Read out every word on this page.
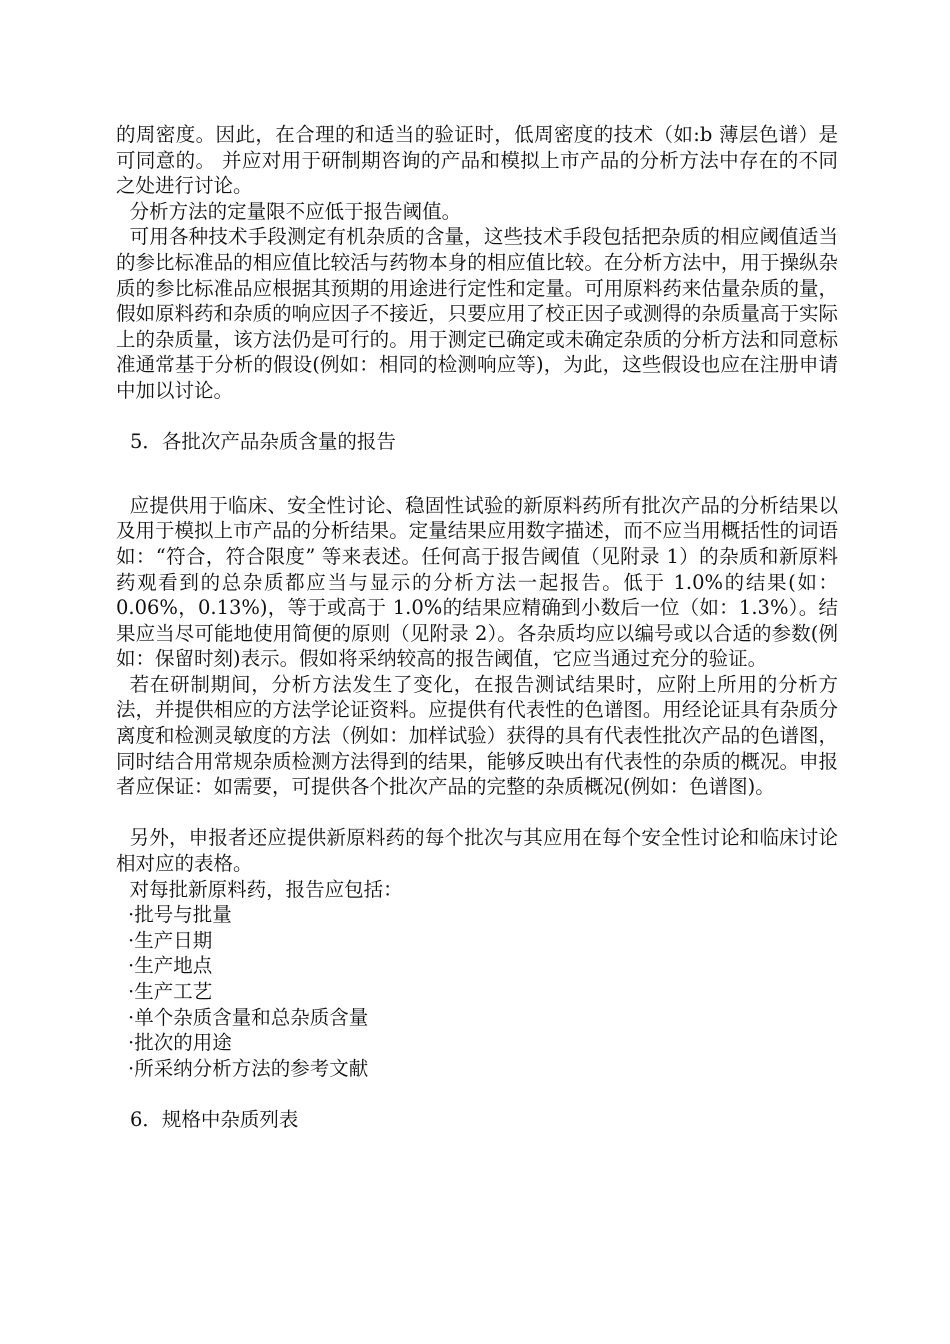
的周密度。因此，在合理的和适当的验证时，低周密度的技术（如:b 薄层色谱）是可同意的。 并应对用于研制期咨询的产品和模拟上市产品的分析方法中存在的不同之处进行讨论。

分析方法的定量限不应低于报告阈值。

可用各种技术手段测定有机杂质的含量，这些技术手段包括把杂质的相应阈值适当的参比标准品的相应值比较活与药物本身的相应值比较。在分析方法中，用于操纵杂质的参比标准品应根据其预期的用途进行定性和定量。可用原料药来估量杂质的量，假如原料药和杂质的响应因子不接近，只要应用了校正因子或测得的杂质量高于实际上的杂质量，该方法仍是可行的。用于测定已确定或未确定杂质的分析方法和同意标准通常基于分析的假设(例如：相同的检测响应等)，为此，这些假设也应在注册申请中加以讨论。

5．各批次产品杂质含量的报告

应提供用于临床、安全性讨论、稳固性试验的新原料药所有批次产品的分析结果以及用于模拟上市产品的分析结果。定量结果应用数字描述，而不应当用概括性的词语如：“符合，符合限度” 等来表述。任何高于报告阈值（见附录 1）的杂质和新原料药观看到的总杂质都应当与显示的分析方法一起报告。低于 1.0%的结果(如：0.06%，0.13%)，等于或高于 1.0%的结果应精确到小数后一位（如：1.3%）。结果应当尽可能地使用简便的原则（见附录 2）。各杂质均应以编号或以合适的参数(例如：保留时刻)表示。假如将采纳较高的报告阈值，它应当通过充分的验证。

若在研制期间，分析方法发生了变化，在报告测试结果时，应附上所用的分析方法，并提供相应的方法学论证资料。应提供有代表性的色谱图。用经论证具有杂质分离度和检测灵敏度的方法（例如：加样试验）获得的具有代表性批次产品的色谱图，同时结合用常规杂质检测方法得到的结果，能够反映出有代表性的杂质的概况。申报者应保证：如需要，可提供各个批次产品的完整的杂质概况(例如：色谱图)。

另外，申报者还应提供新原料药的每个批次与其应用在每个安全性讨论和临床讨论相对应的表格。

对每批新原料药，报告应包括：

·批号与批量
·生产日期
·生产地点
·生产工艺
·单个杂质含量和总杂质含量
·批次的用途
·所采纳分析方法的参考文献

6．规格中杂质列表
